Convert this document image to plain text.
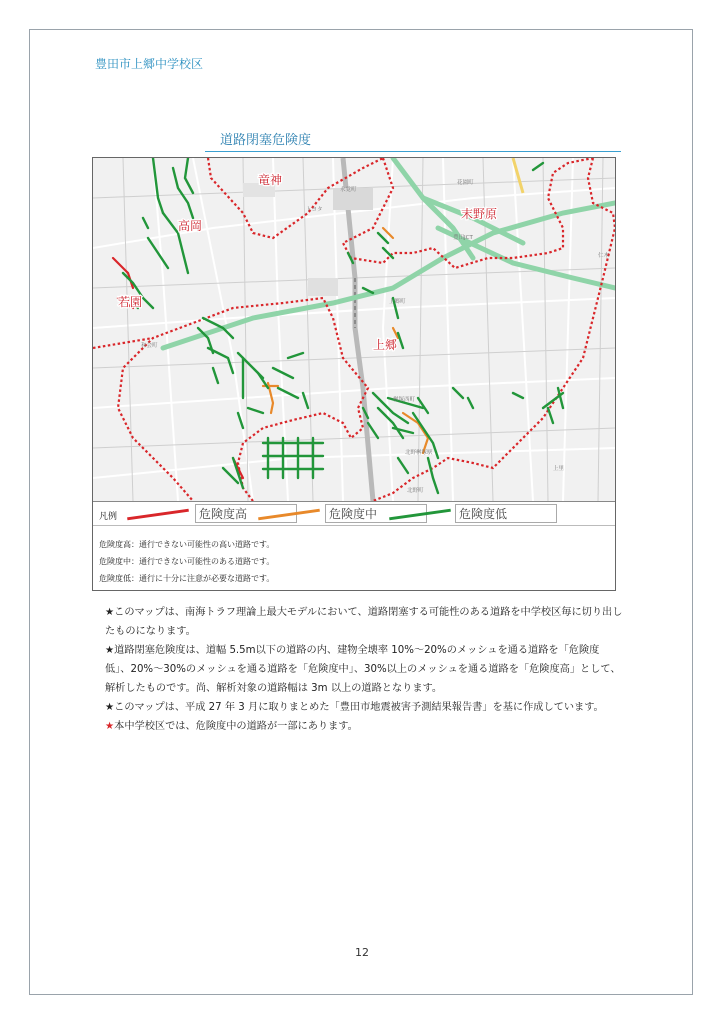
豊田市上郷中学校区
道路閉塞危険度
竜神
高岡
末野原
若園
上郷
トヨタ
永覚町
豊田JCT
花園町
仁木
和会町
上郷町
桝塚西町
北野桝塚駅
北野町
上里
凡例	危険度高	危険度中	危険度低
危険度高：通行できない可能性の高い道路です。
危険度中：通行できない可能性のある道路です。
危険度低：通行に十分に注意が必要な道路です。

★このマップは、南海トラフ理論上最大モデルにおいて、道路閉塞する可能性のある道路を中学校区毎に切り出したものになります。

★道路閉塞危険度は、道幅 5.5m以下の道路の内、建物全壊率 10%～20%のメッシュを通る道路を「危険度低」、20%～30%のメッシュを通る道路を「危険度中」、30%以上のメッシュを通る道路を「危険度高」として、解析したものです。尚、解析対象の道路幅は 3m 以上の道路となります。

★このマップは、平成 27 年 3 月に取りまとめた「豊田市地震被害予測結果報告書」を基に作成しています。

★本中学校区では、危険度中の道路が一部にあります。

12
